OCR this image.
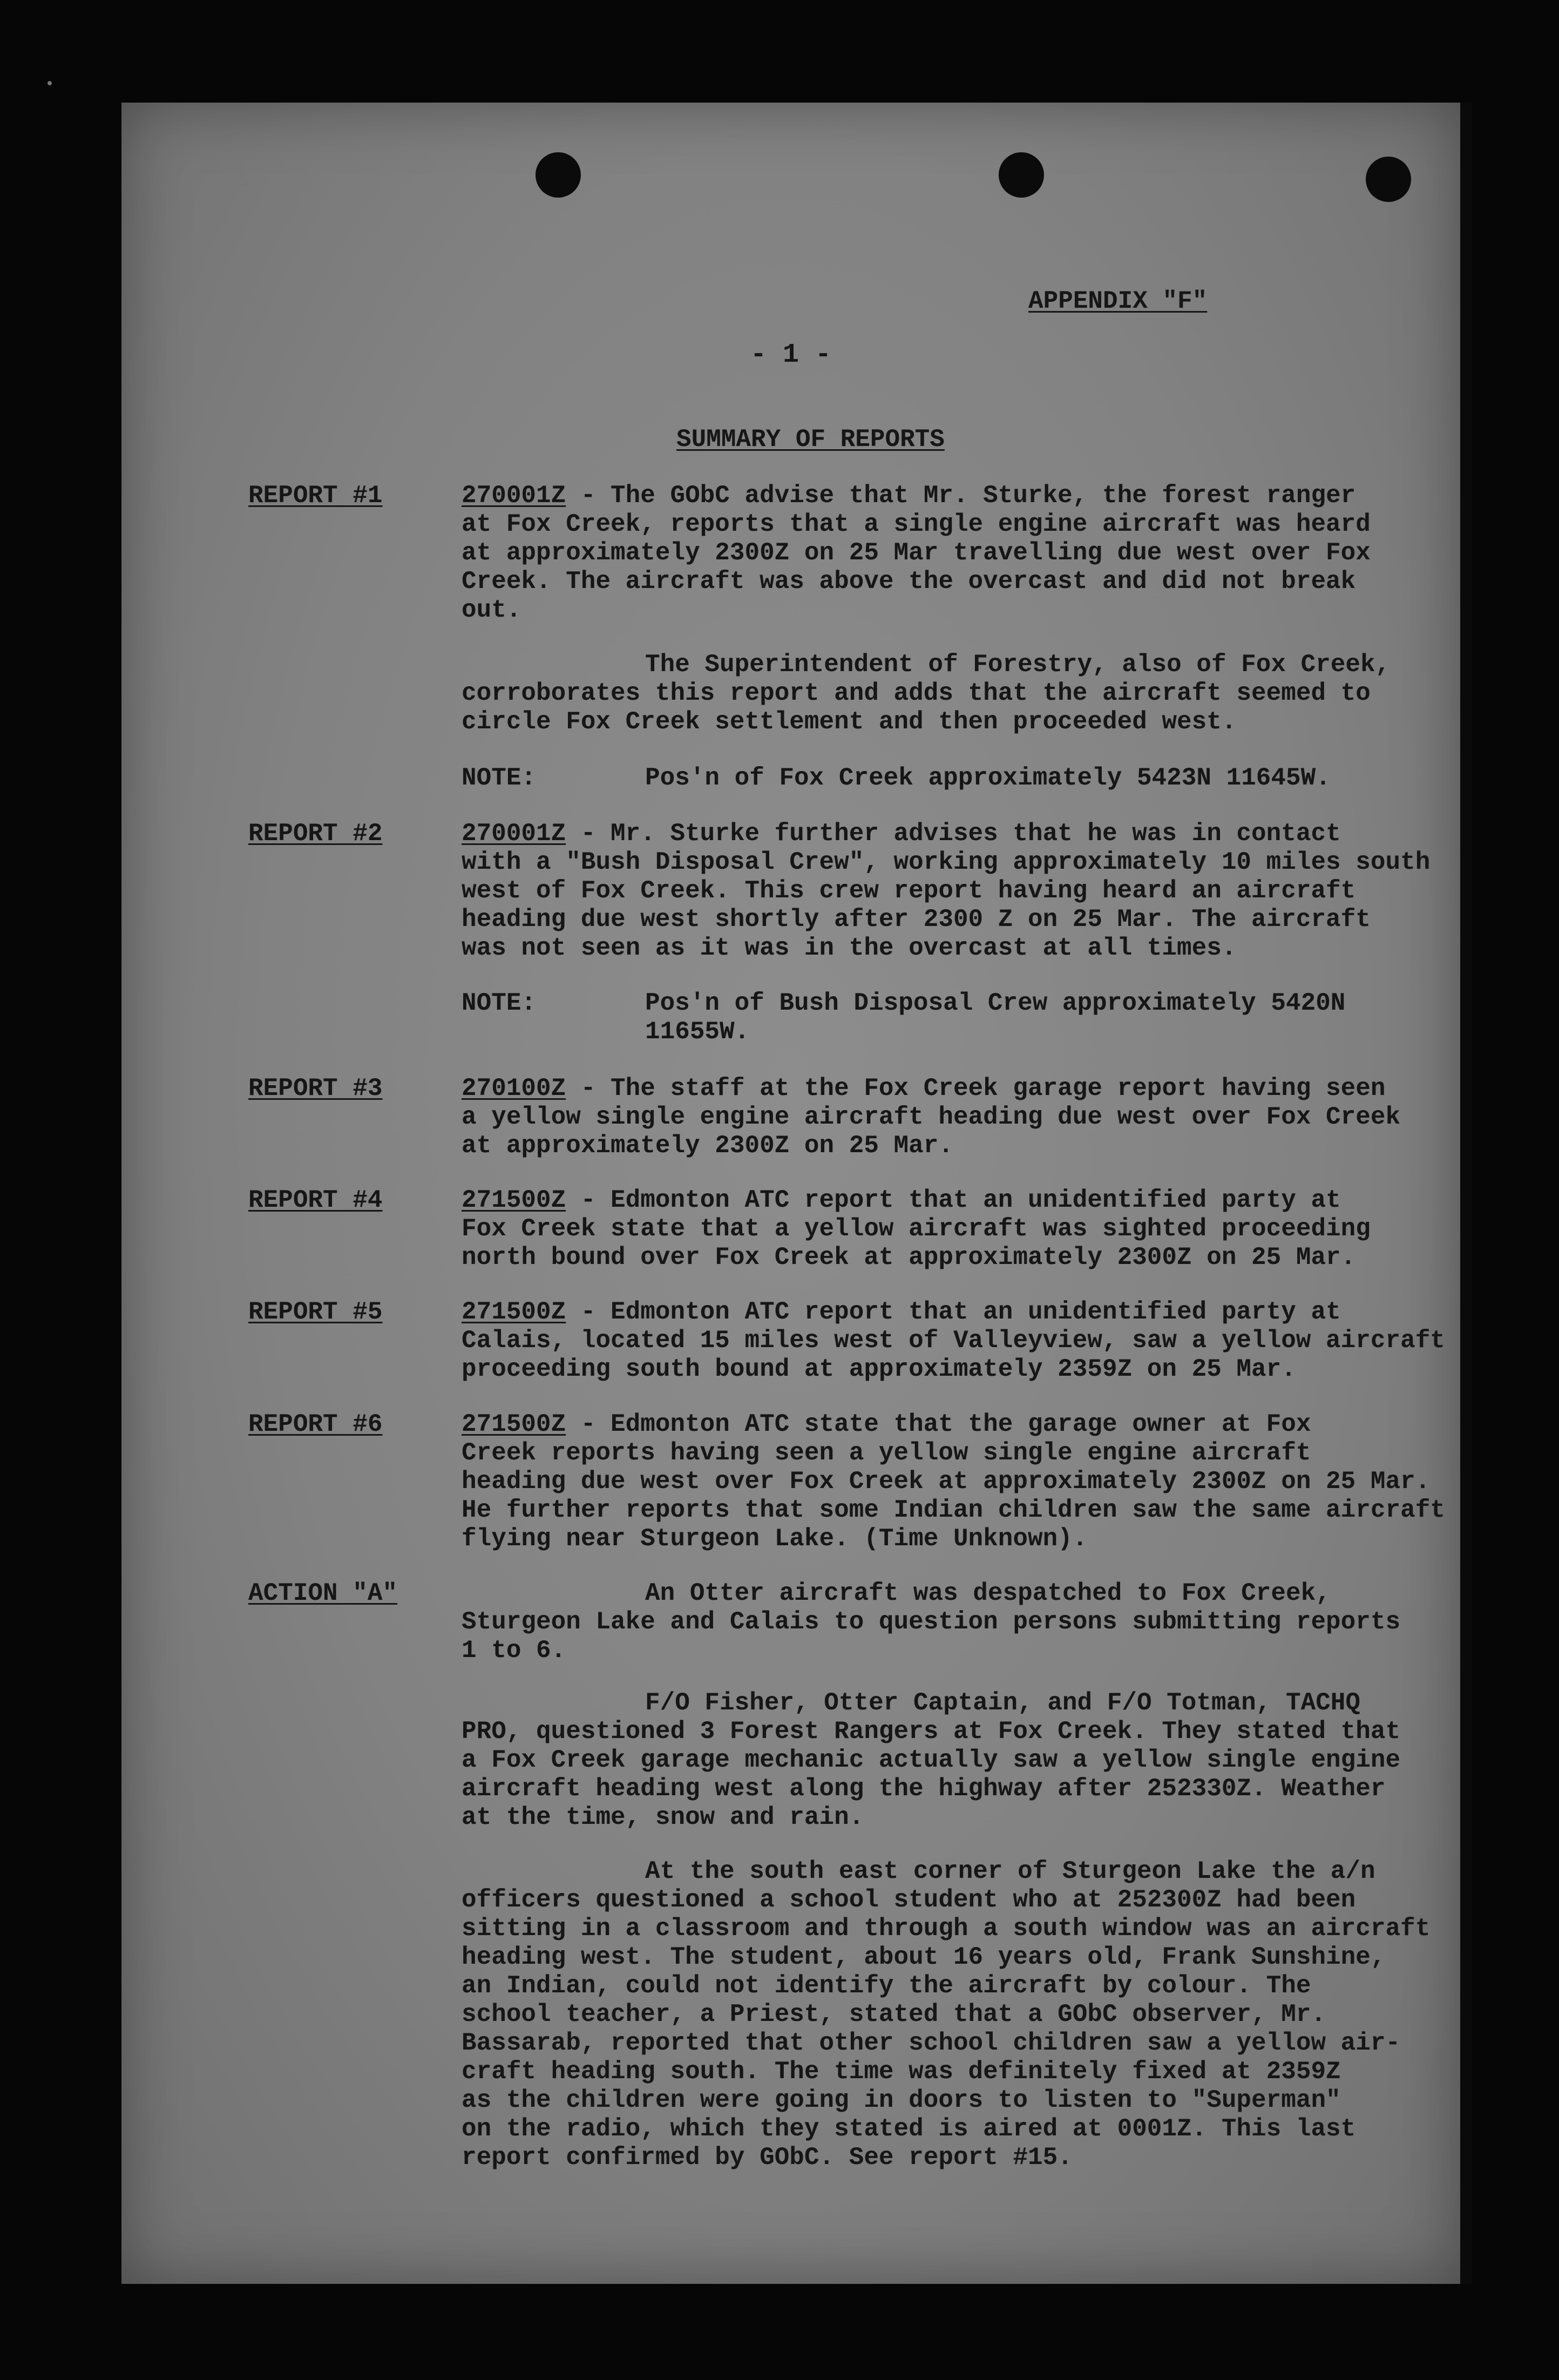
APPENDIX "F"

- 1 -

SUMMARY OF REPORTS

REPORT #1	270001Z - The GObC advise that Mr. Sturke, the forest ranger

at Fox Creek, reports that a single engine aircraft was heard

at approximately 2300Z on 25 Mar travelling due west over Fox

Creek. The aircraft was above the overcast and did not break

out.

The Superintendent of Forestry, also of Fox Creek,

corroborates this report and adds that the aircraft seemed to

circle Fox Creek settlement and then proceeded west.

NOTE:	Pos'n of Fox Creek approximately 5423N 11645W.

REPORT #2	270001Z - Mr. Sturke further advises that he was in contact

with a "Bush Disposal Crew", working approximately 10 miles south

west of Fox Creek. This crew report having heard an aircraft

heading due west shortly after 2300 Z on 25 Mar. The aircraft

was not seen as it was in the overcast at all times.

NOTE:	Pos'n of Bush Disposal Crew approximately 5420N

11655W.

REPORT #3	270100Z - The staff at the Fox Creek garage report having seen

a yellow single engine aircraft heading due west over Fox Creek

at approximately 2300Z on 25 Mar.

REPORT #4	271500Z - Edmonton ATC report that an unidentified party at

Fox Creek state that a yellow aircraft was sighted proceeding

north bound over Fox Creek at approximately 2300Z on 25 Mar.

REPORT #5	271500Z - Edmonton ATC report that an unidentified party at

Calais, located 15 miles west of Valleyview, saw a yellow aircraft

proceeding south bound at approximately 2359Z on 25 Mar.

REPORT #6	271500Z - Edmonton ATC state that the garage owner at Fox

Creek reports having seen a yellow single engine aircraft

heading due west over Fox Creek at approximately 2300Z on 25 Mar.

He further reports that some Indian children saw the same aircraft

flying near Sturgeon Lake. (Time Unknown).

ACTION "A"	An Otter aircraft was despatched to Fox Creek,

Sturgeon Lake and Calais to question persons submitting reports

1 to 6.

F/O Fisher, Otter Captain, and F/O Totman, TACHQ

PRO, questioned 3 Forest Rangers at Fox Creek. They stated that

a Fox Creek garage mechanic actually saw a yellow single engine

aircraft heading west along the highway after 252330Z. Weather

at the time, snow and rain.

At the south east corner of Sturgeon Lake the a/n

officers questioned a school student who at 252300Z had been

sitting in a classroom and through a south window was an aircraft

heading west. The student, about 16 years old, Frank Sunshine,

an Indian, could not identify the aircraft by colour. The

school teacher, a Priest, stated that a GObC observer, Mr.

Bassarab, reported that other school children saw a yellow air-

craft heading south. The time was definitely fixed at 2359Z

as the children were going in doors to listen to "Superman"

on the radio, which they stated is aired at 0001Z. This last

report confirmed by GObC. See report #15.
